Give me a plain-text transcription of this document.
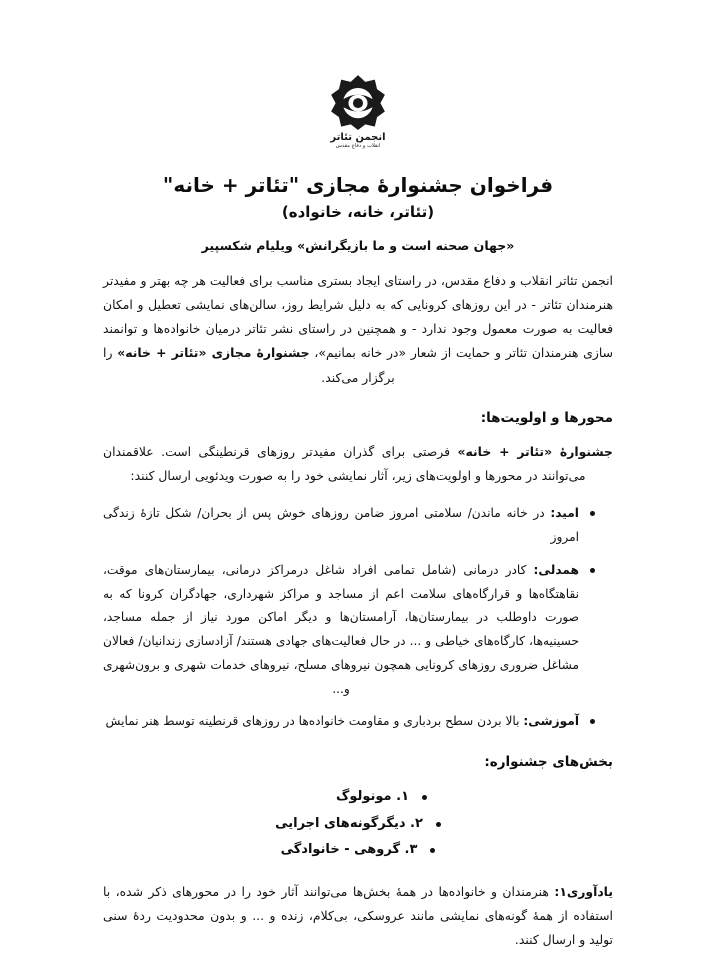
انجمن تئاتر
انقلاب و دفاع مقدس
فراخوان جشنوارهٔ مجازی "تئاتر + خانه"
(تئاتر، خانه، خانواده)
«جهان صحنه است و ما بازیگرانش» ویلیام شکسپیر

انجمن تئاتر انقلاب و دفاع مقدس، در راستای ایجاد بستری مناسب برای فعالیت هر چه بهتر و مفیدتر هنرمندان تئاتر - در این روزهای کرونایی که به دلیل شرایط روز، سالن‌های نمایشی تعطیل و امکان فعالیت به صورت معمول وجود ندارد - و همچنین در راستای نشر تئاتر درمیان خانواده‌ها و توانمند سازی هنرمندان تئاتر و حمایت از شعار «در خانه بمانیم»، جشنوارهٔ مجازی «تئاتر + خانه» را برگزار می‌کند.

محورها و اولویت‌ها:

جشنوارهٔ «تئاتر + خانه» فرصتی برای گذران مفیدتر روزهای قرنطینگی است. علاقمندان می‌توانند در محورها و اولویت‌های زیر، آثار نمایشی خود را به صورت ویدئویی ارسال کنند:

امید: در خانه ماندن/ سلامتی امروز ضامن روزهای خوش پس از بحران/ شکل تازهٔ زندگی امروز
همدلی: کادر درمانی (شامل تمامی افراد شاغل درمراکز درمانی، بیمارستان‌های موقت، نقاهتگاه‌ها و قرارگاه‌های سلامت اعم از مساجد و مراکز شهرداری، جهادگران کرونا که به صورت داوطلب در بیمارستان‌ها، آرامستان‌ها و دیگر اماکن مورد نیاز از جمله مساجد، حسینیه‌ها، کارگاه‌های خیاطی و ... در حال فعالیت‌های جهادی هستند/ آزادسازی زندانیان/ فعالان مشاغل ضروری روزهای کرونایی همچون نیروهای مسلح، نیروهای خدمات شهری و برون‌شهری و...
آموزشی: بالا بردن سطح بردباری و مقاومت خانواده‌ها در روزهای قرنطینه توسط هنر نمایش
بخش‌های جشنواره:
۱. مونولوگ
۲. دیگرگونه‌های اجرایی
۳. گروهی - خانوادگی

یادآوری۱: هنرمندان و خانواده‌ها در همهٔ بخش‌ها می‌توانند آثار خود را در محورهای ذکر شده، با استفاده از همهٔ گونه‌های نمایشی مانند عروسکی، بی‌کلام، زنده و ... و بدون محدودیت ردهٔ سنی تولید و ارسال کنند.
